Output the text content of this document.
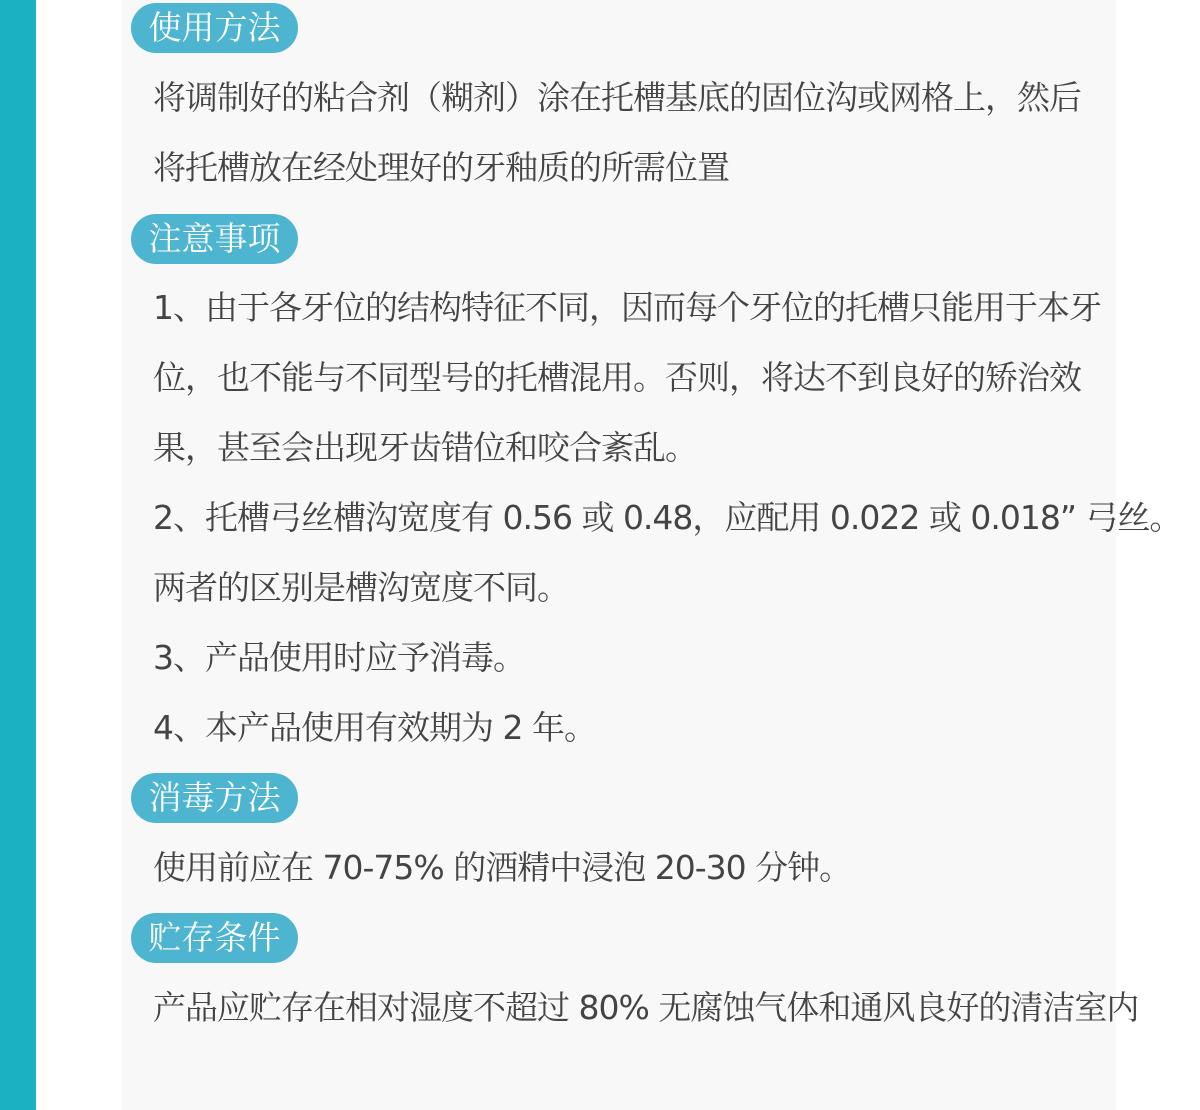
使用方法
将调制好的粘合剂（糊剂）涂在托槽基底的固位沟或网格上，然后
将托槽放在经处理好的牙釉质的所需位置
注意事项
1、由于各牙位的结构特征不同，因而每个牙位的托槽只能用于本牙
位，也不能与不同型号的托槽混用。否则，将达不到良好的矫治效
果，甚至会出现牙齿错位和咬合紊乱。
2、托槽弓丝槽沟宽度有 0.56 或 0.48，应配用 0.022 或 0.018” 弓丝。
两者的区别是槽沟宽度不同。
3、产品使用时应予消毒。
4、本产品使用有效期为 2 年。
消毒方法
使用前应在 70-75% 的酒精中浸泡 20-30 分钟。
贮存条件
产品应贮存在相对湿度不超过 80% 无腐蚀气体和通风良好的清洁室内
